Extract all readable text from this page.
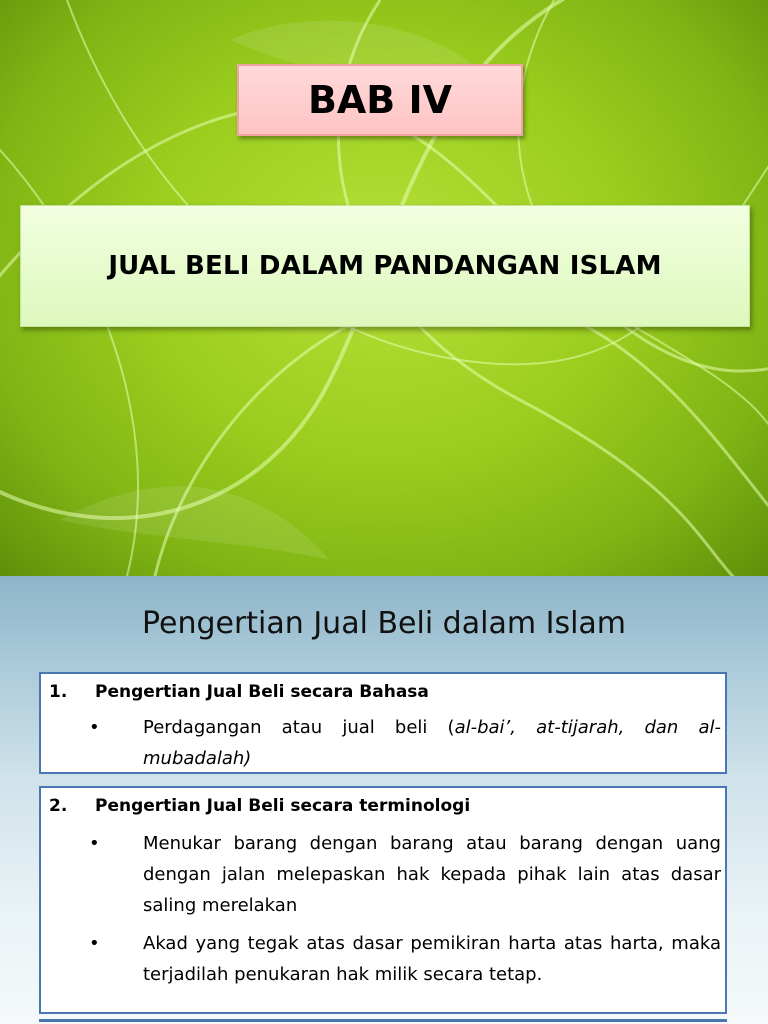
BAB IV
JUAL BELI DALAM PANDANGAN ISLAM
Pengertian Jual Beli dalam Islam
1. Pengertian Jual Beli secara Bahasa
• Perdagangan atau jual beli (al-bai’, at-tijarah, dan al-mubadalah)
2. Pengertian Jual Beli secara terminologi
• Menukar barang dengan barang atau barang dengan uang dengan jalan melepaskan hak kepada pihak lain atas dasar saling merelakan
• Akad yang tegak atas dasar pemikiran harta atas harta, maka terjadilah penukaran hak milik secara tetap.
